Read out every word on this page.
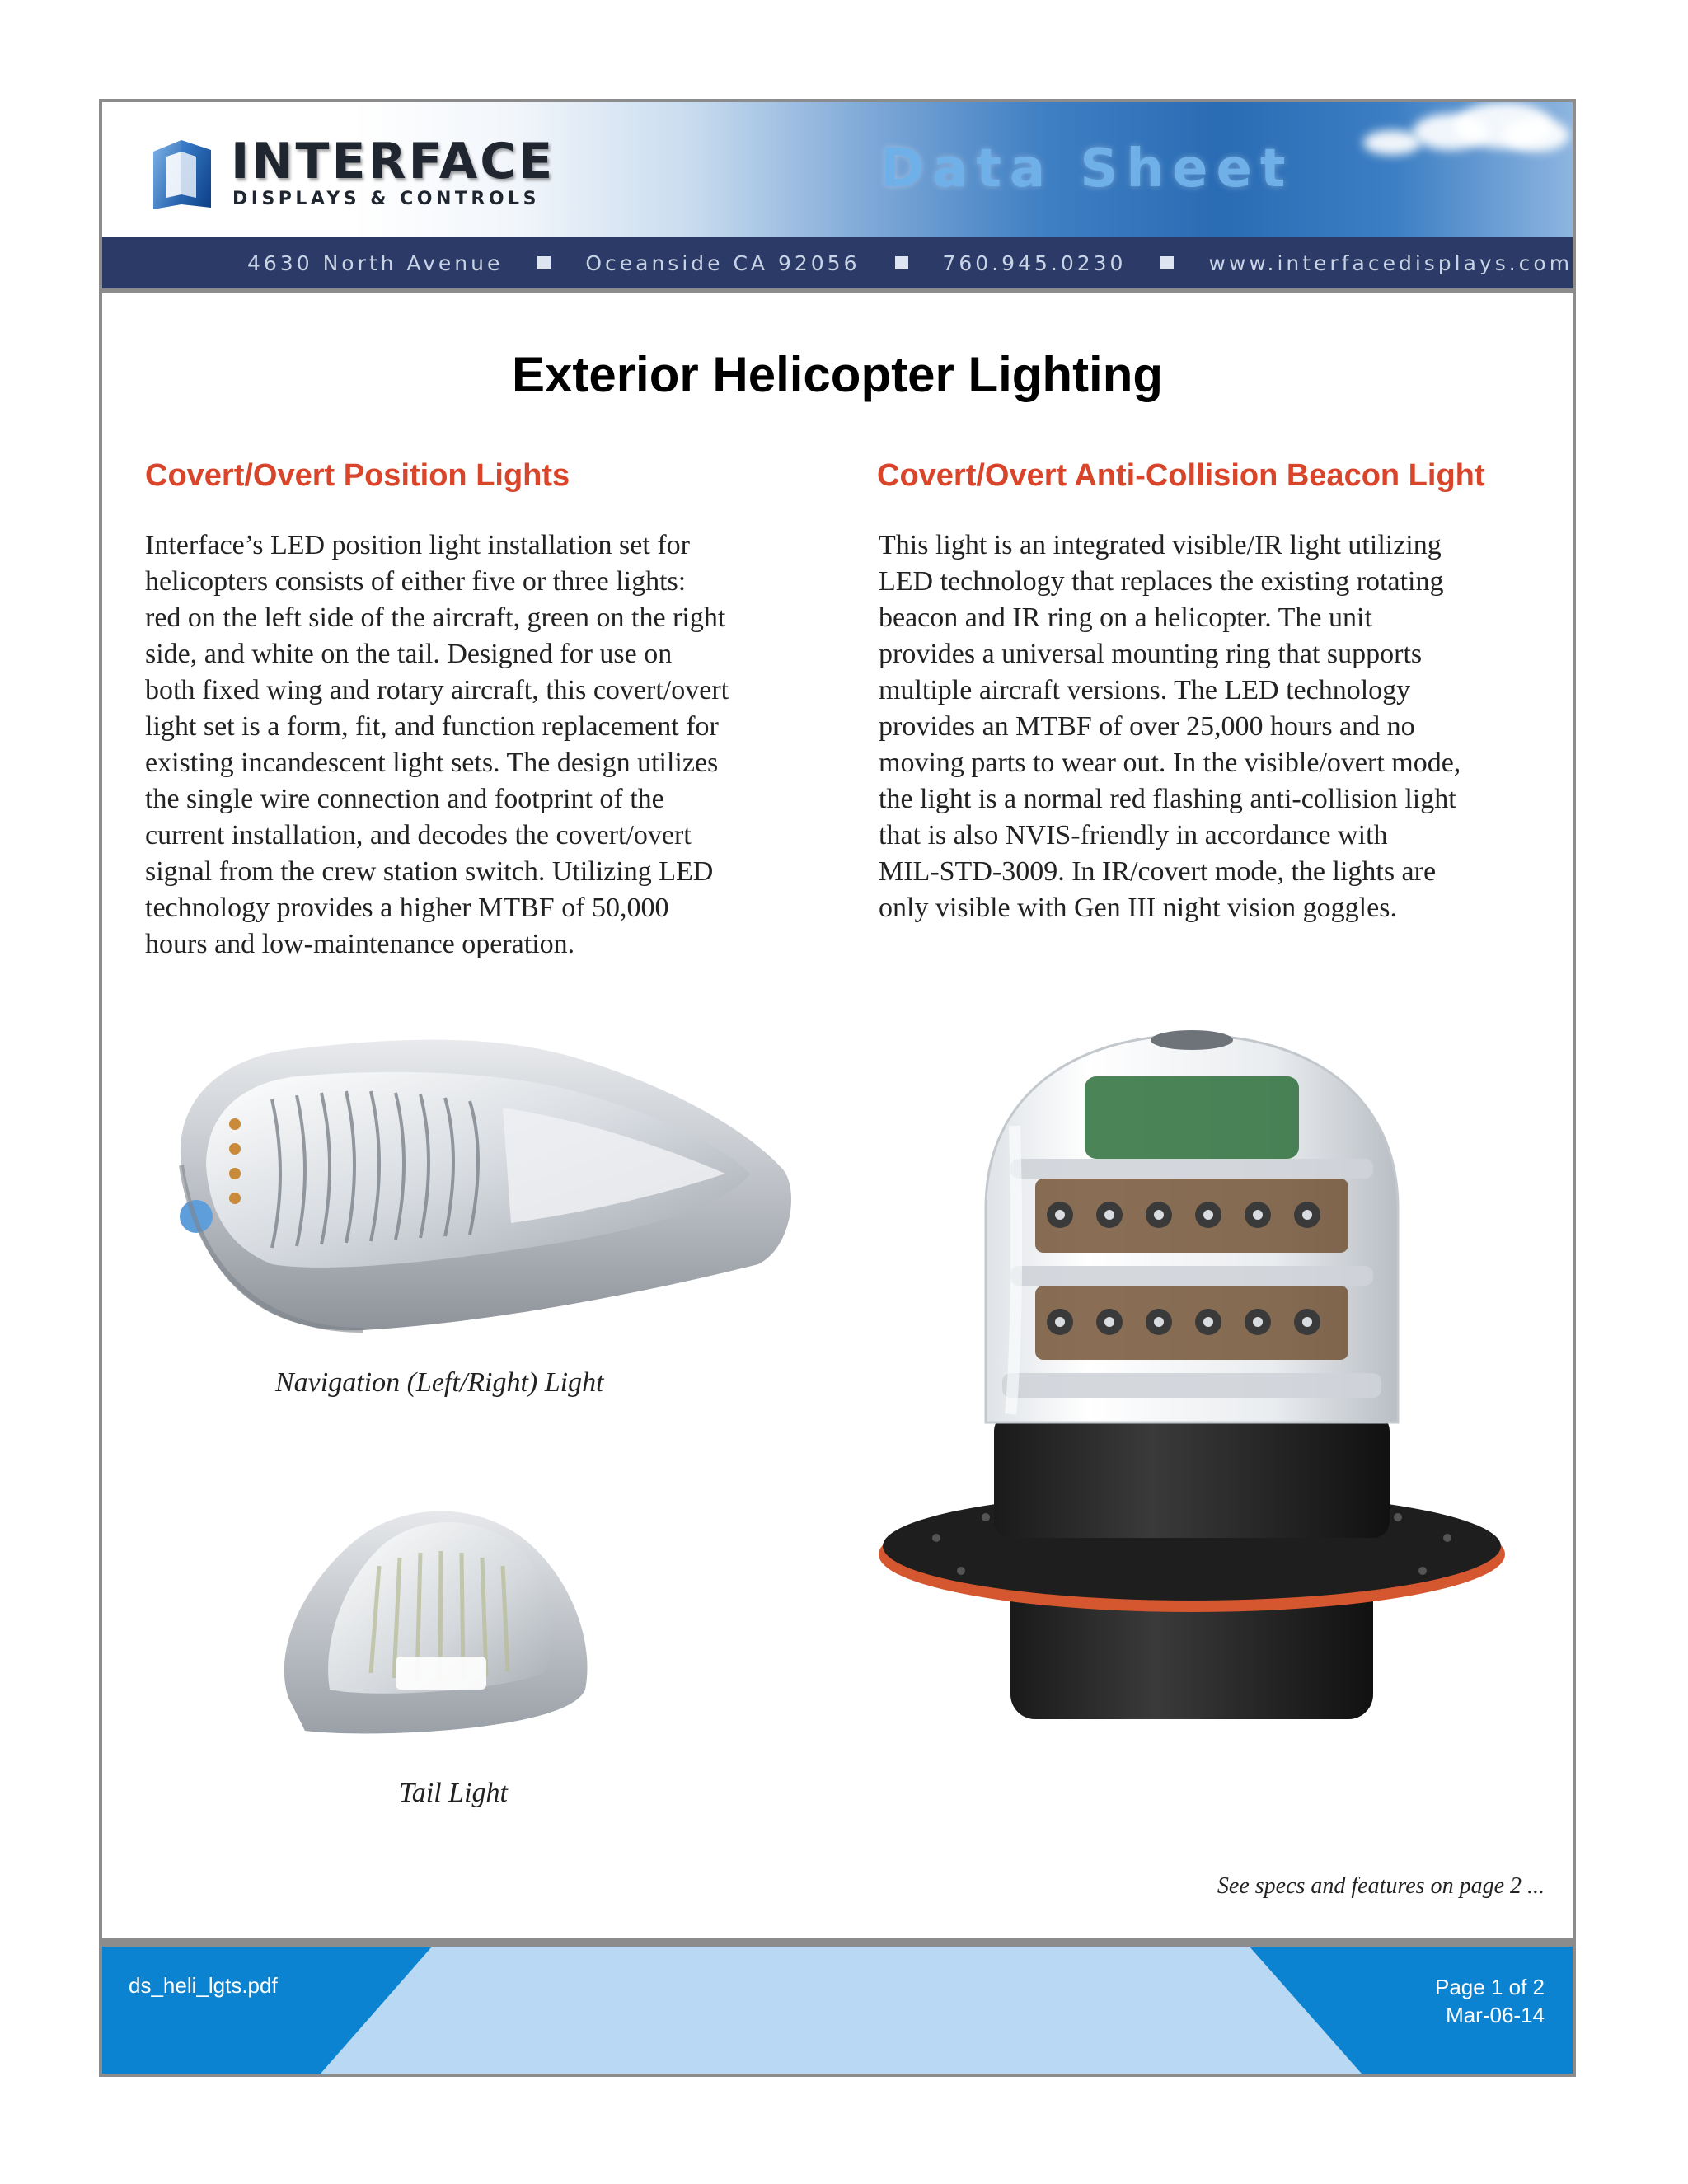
INTERFACE
DISPLAYS & CONTROLS	Data Sheet
4630 North Avenue	Oceanside CA 92056	760.945.0230	www.interfacedisplays.com
Exterior Helicopter Lighting
Covert/Overt Position Lights	Covert/Overt Anti-Collision Beacon Light

Interface’s LED position light installation set for
helicopters consists of either five or three lights:
red on the left side of the aircraft, green on the right
side, and white on the tail. Designed for use on
both fixed wing and rotary aircraft, this covert/overt
light set is a form, fit, and function replacement for
existing incandescent light sets. The design utilizes
the single wire connection and footprint of the
current installation, and decodes the covert/overt
signal from the crew station switch. Utilizing LED
technology provides a higher MTBF of 50,000
hours and low-maintenance operation.

This light is an integrated visible/IR light utilizing
LED technology that replaces the existing rotating
beacon and IR ring on a helicopter. The unit
provides a universal mounting ring that supports
multiple aircraft versions. The LED technology
provides an MTBF of over 25,000 hours and no
moving parts to wear out. In the visible/overt mode,
the light is a normal red flashing anti-collision light
that is also NVIS-friendly in accordance with
MIL-STD-3009. In IR/covert mode, the lights are
only visible with Gen III night vision goggles.

Navigation (Left/Right) Light
Tail Light
See specs and features on page 2 ...
ds_heli_lgts.pdf	Page 1 of 2
Mar-06-14
